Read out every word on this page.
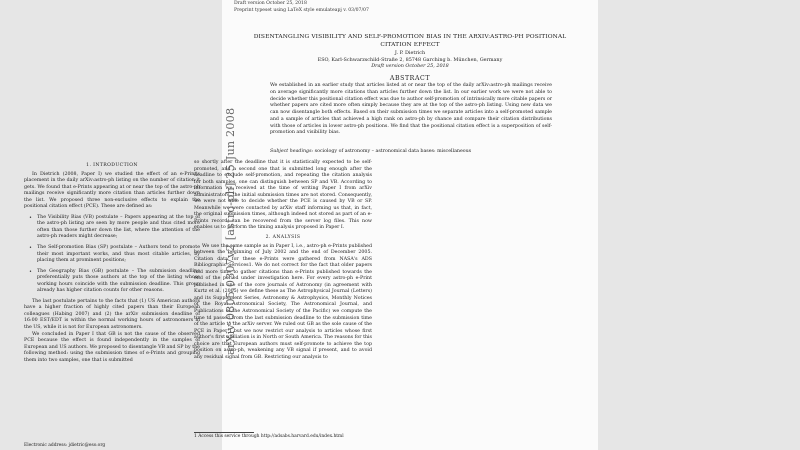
Draft version October 25, 2018
Preprint typeset using LaTeX style emulateapj v. 03/07/07
DISENTANGLING VISIBILITY AND SELF-PROMOTION BIAS IN THE ARXIV:ASTRO-PH POSITIONAL CITATION EFFECT
J. P. Dietrich
ESO, Karl-Schwarzschild-Straße 2, 85748 Garching b. München, Germany
Draft version October 25, 2018
ABSTRACT
We established in an earlier study that articles listed at or near the top of the daily arXiv:astro-ph mailings receive on average significantly more citations than articles further down the list. In our earlier work we were not able to decide whether this positional citation effect was due to author self-promotion of intrinsically more citable papers or whether papers are cited more often simply because they are at the top of the astro-ph listing. Using new data we can now disentangle both effects. Based on their submission times we separate articles into a self-promoted sample and a sample of articles that achieved a high rank on astro-ph by chance and compare their citation distributions with those of articles in lower astro-ph positions. We find that the positional citation effect is a superposition of self-promotion and visibility bias.
Subject headings: sociology of astronomy – astronomical data bases: miscellaneous
1. INTRODUCTION

In Dietrich (2008, Paper I) we studied the effect of an e-Print's placement in the daily arXiv:astro-ph listing on the number of citation it gets. We found that e-Prints appearing at or near the top of the astro-ph mailings receive significantly more citation than articles further down the list. We proposed three non-exclusive effects to explain the positional citation effect (PCE). These are defined as:

• The Visibility Bias (VB) postulate – Papers appearing at the top of the astro-ph listing are seen by more people and thus cited more often than those further down the list, where the attention of the astro-ph readers might decrease;
• The Self-promotion Bias (SP) postulate – Authors tend to promote their most important works, and thus most citable articles, by placing them at prominent positions;
• The Geography Bias (GB) postulate – The submission deadline preferentially puts those authors at the top of the listing whose working hours coincide with the submission deadline. This group already has higher citation counts for other reasons.

The last postulate pertains to the facts that (1) US American authors have a higher fraction of highly cited papers than their European colleagues (Habing 2007) and (2) the arXiv submission deadline of 16:00 EST/EDT is within the normal working hours of astronomers in the US, while it is not for European astronomers.

We concluded in Paper I that GB is not the cause of the observed PCE because the effect is found independently in the samples of European and US authors. We proposed to disentangle VB and SP by the following method: using the submission times of e-Prints and grouping them into two samples, one that is submitted

so shortly after the deadline that it is statistically expected to be self-promoted, and a second one that is submitted long enough after the deadline to exclude self-promotion, and repeating the citation analysis for both samples, one can distinguish between SP and VB. According to information we received at the time of writing Paper I from arXiv administrators, the initial submission times are not stored. Consequently, we were not able to decide whether the PCE is caused by VB or SP. Meanwhile we were contacted by arXiv staff informing us that, in fact, the original submission times, although indeed not stored as part of an e-Prints record, can be recovered from the server log files. This now enables us to perform the timing analysis proposed in Paper I.

2. ANALYSIS

We use the same sample as in Paper I, i.e., astro-ph e-Prints published between the beginning of July 2002 and the end of December 2005. Citation data for these e-Prints were gathered from NASA's ADS Bibliographic Services1. We do not correct for the fact that older papers had more time to gather citations than e-Prints published towards the end of the period under investigation here. For every astro-ph e-Print published in one of the core journals of Astronomy (in agreement with Kurtz et al. (2005) we define these as The Astrophysical Journal (Letters) and its Supplement Series, Astronomy & Astrophysics, Monthly Notices of the Royal Astronomical Society, The Astronomical Journal, and Publications of the Astronomical Society of the Pacific) we compute the time td passed from the last submission deadline to the submission time of the article to the arXiv server. We ruled out GB as the sole cause of the PCE in Paper I but we now restrict our analysis to articles whose first author's first affiliation is in North or South America. The reasons for this choice are that European authors must self-promote to achieve the top position on astro-ph, weakening any VB signal if present, and to avoid any residual signal from GB. Restricting our analysis to

1 Access this service through http://adsabs.harvard.edu/index.html
Electronic address: jdietric@eso.org
arXiv:0805.0307v2 [astro-ph] 25 Jun 2008
